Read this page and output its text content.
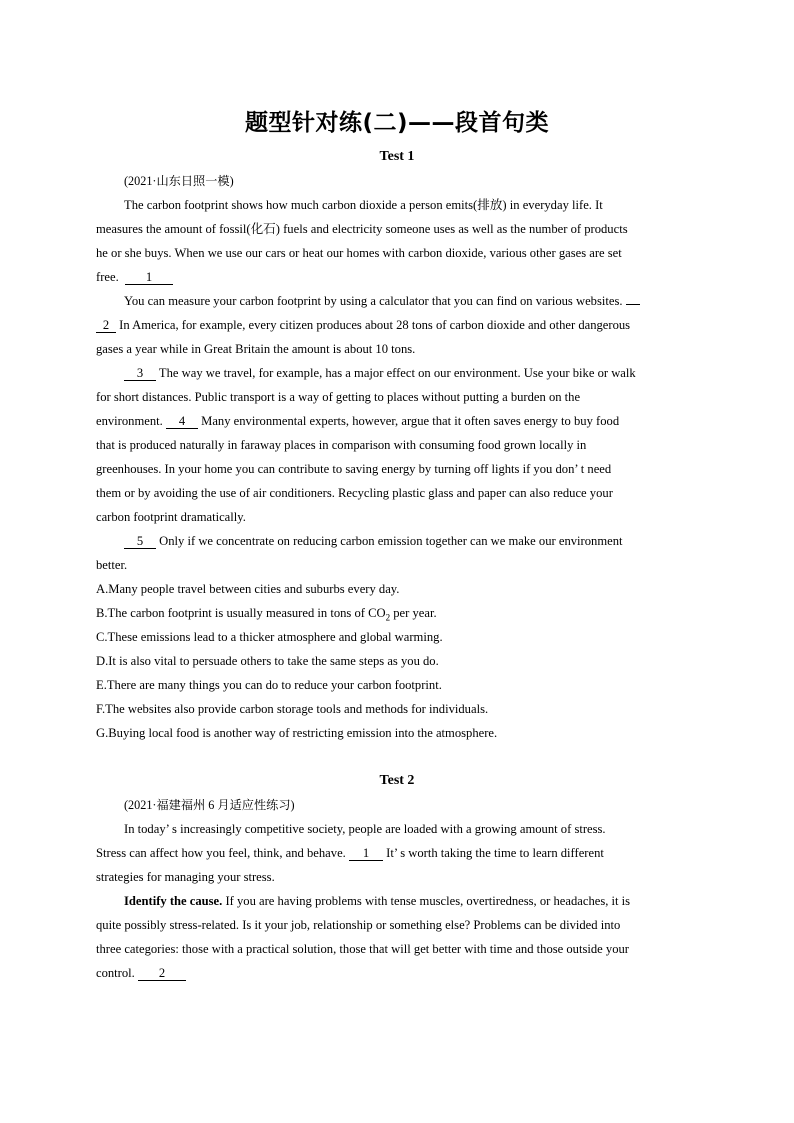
题型针对练(二)——段首句类
Test 1
(2021·山东日照一模)
The carbon footprint shows how much carbon dioxide a person emits(排放) in everyday life. It
measures the amount of fossil(化石) fuels and electricity someone uses as well as the number of products
he or she buys. When we use our cars or heat our homes with carbon dioxide, various other gases are set
free. 1
You can measure your carbon footprint by using a calculator that you can find on various websites.
2 In America, for example, every citizen produces about 28 tons of carbon dioxide and other dangerous
gases a year while in Great Britain the amount is about 10 tons.
3 The way we travel, for example, has a major effect on our environment. Use your bike or walk
for short distances. Public transport is a way of getting to places without putting a burden on the
environment. 4 Many environmental experts, however, argue that it often saves energy to buy food
that is produced naturally in faraway places in comparison with consuming food grown locally in
greenhouses. In your home you can contribute to saving energy by turning off lights if you don’ t need
them or by avoiding the use of air conditioners. Recycling plastic glass and paper can also reduce your
carbon footprint dramatically.
5 Only if we concentrate on reducing carbon emission together can we make our environment
better.
A.Many people travel between cities and suburbs every day.
B.The carbon footprint is usually measured in tons of $CO_2$ per year.
C.These emissions lead to a thicker atmosphere and global warming.
D.It is also vital to persuade others to take the same steps as you do.
E.There are many things you can do to reduce your carbon footprint.
F.The websites also provide carbon storage tools and methods for individuals.
G.Buying local food is another way of restricting emission into the atmosphere.
Test 2
(2021·福建福州 6 月适应性练习)
In today’ s increasingly competitive society, people are loaded with a growing amount of stress.
Stress can affect how you feel, think, and behave. 1 It’ s worth taking the time to learn different
strategies for managing your stress.
Identify the cause. If you are having problems with tense muscles, overtiredness, or headaches, it is
quite possibly stress-related. Is it your job, relationship or something else? Problems can be divided into
three categories: those with a practical solution, those that will get better with time and those outside your
control. 2
